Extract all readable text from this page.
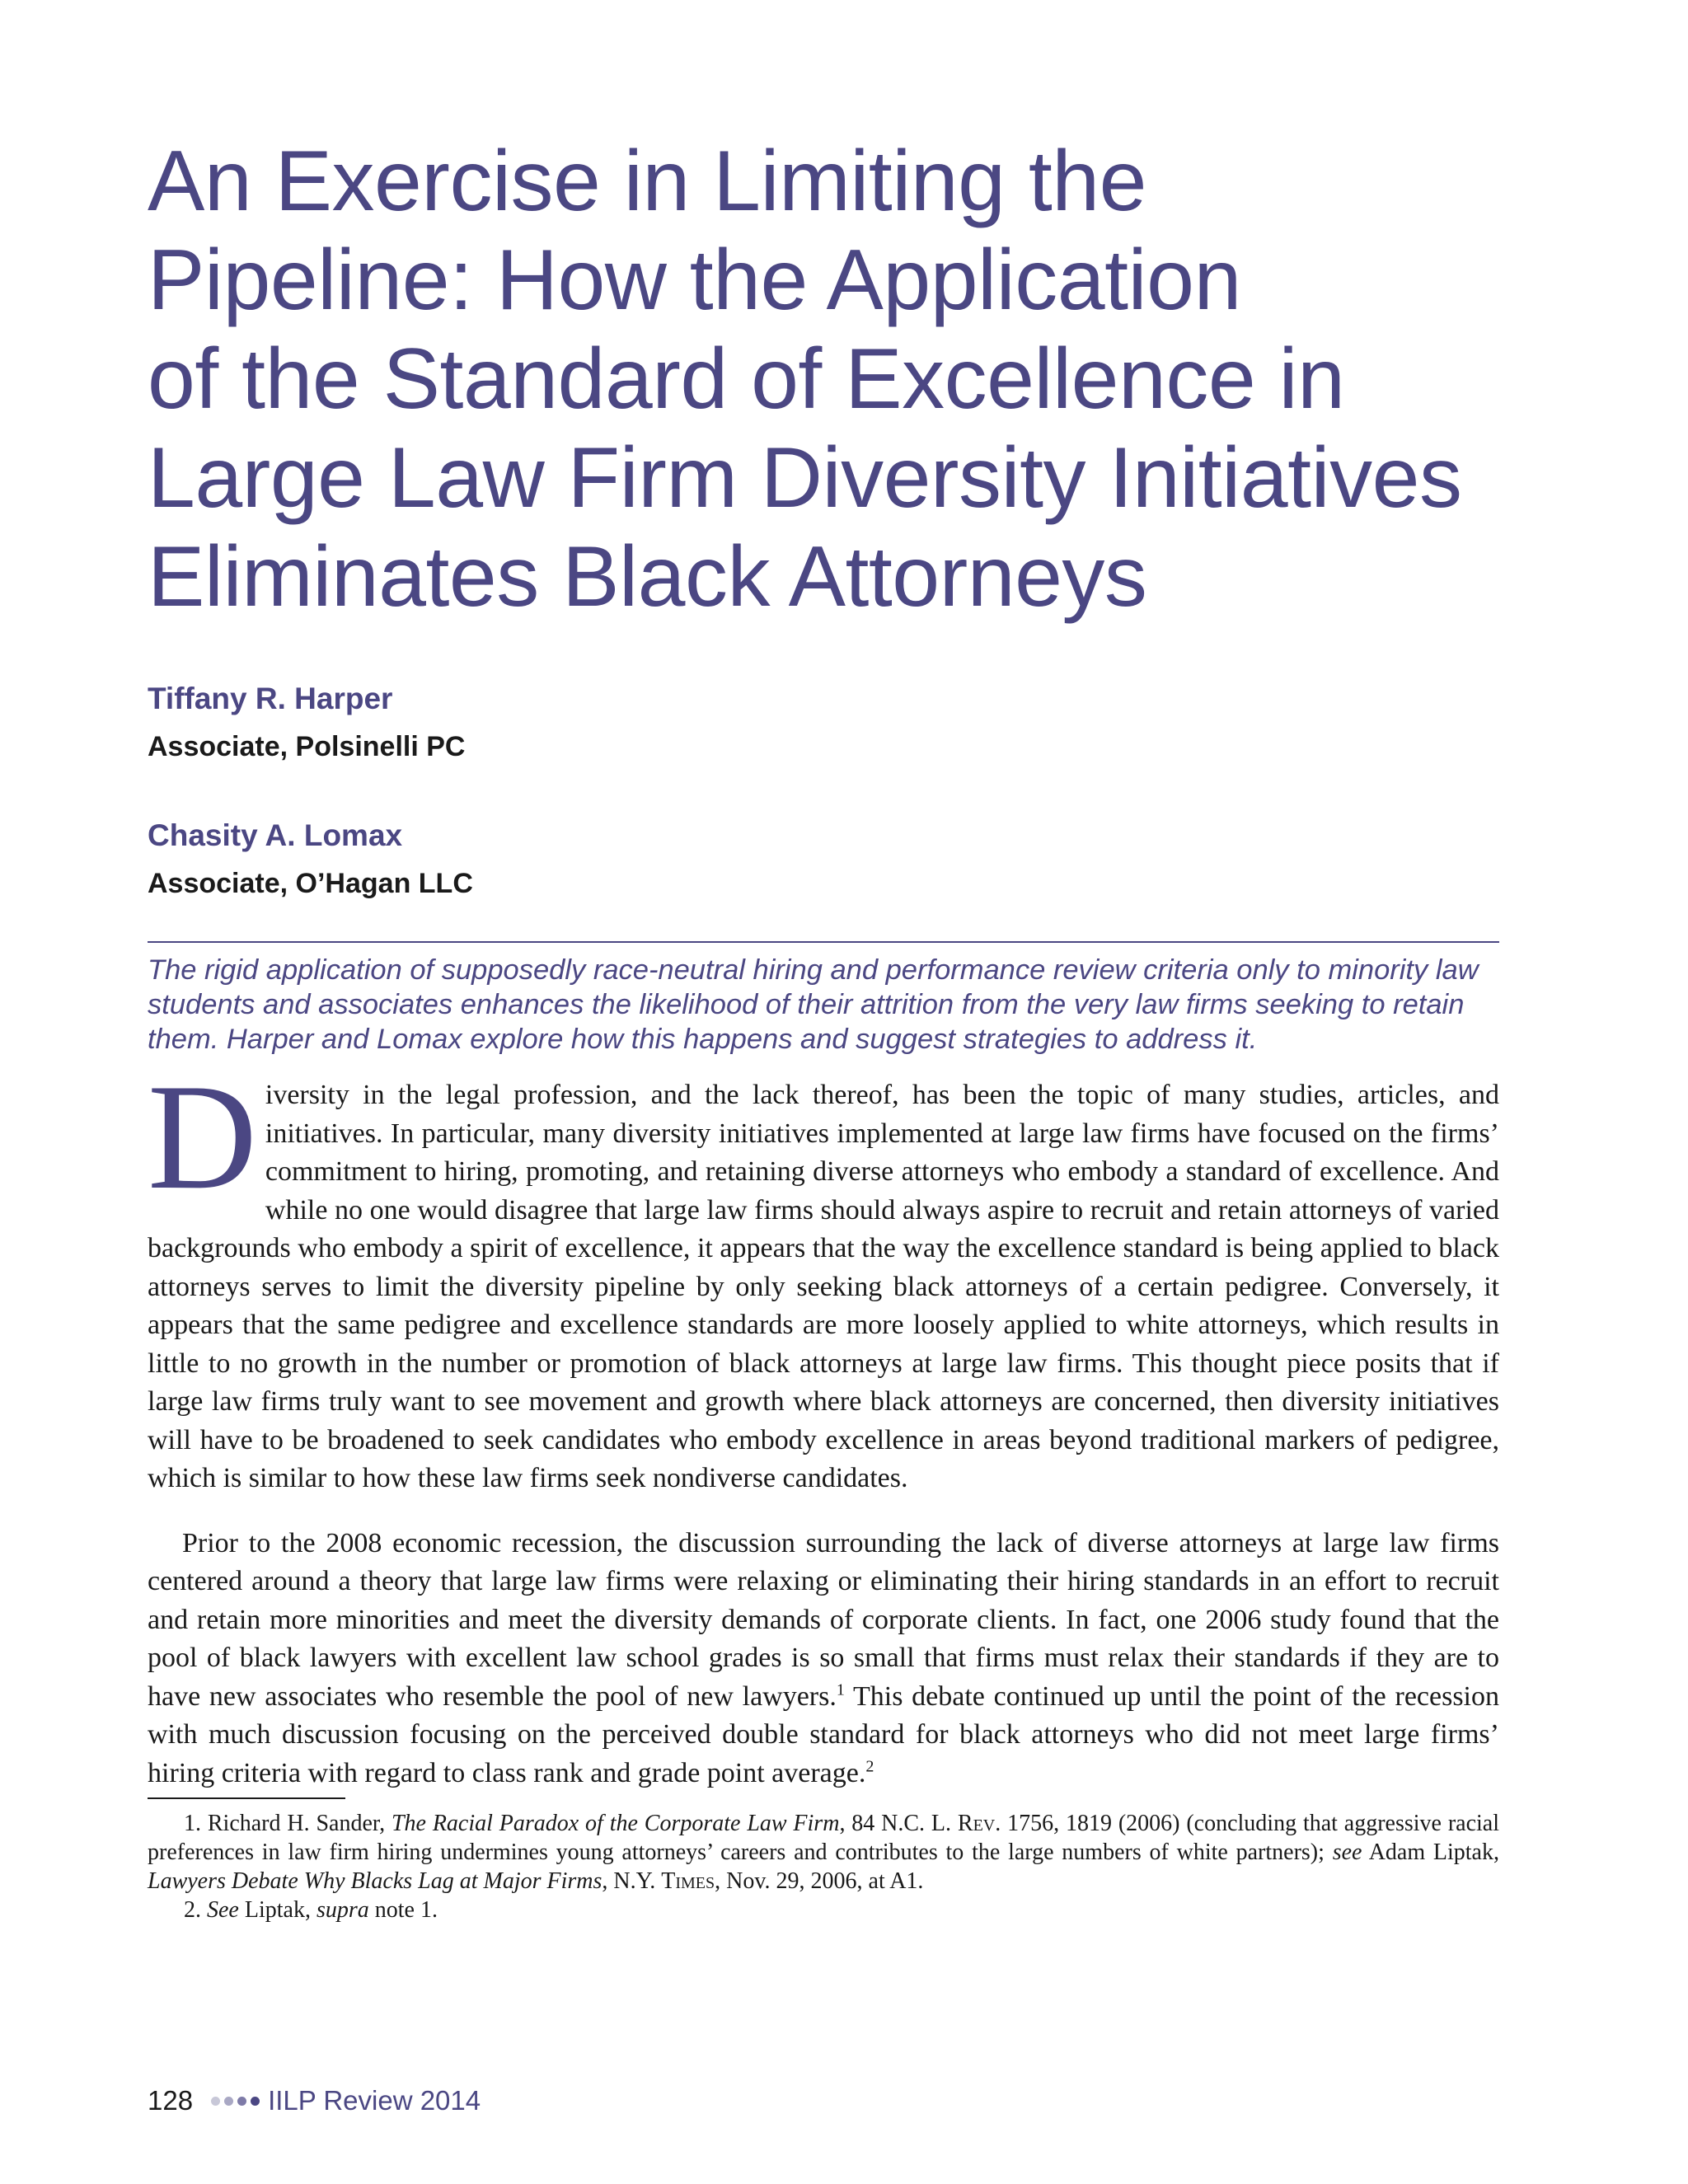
An Exercise in Limiting the
Pipeline: How the Application
of the Standard of Excellence in
Large Law Firm Diversity Initiatives
Eliminates Black Attorneys
Tiffany R. Harper
Associate, Polsinelli PC
Chasity A. Lomax
Associate, O’Hagan LLC
The rigid application of supposedly race-neutral hiring and performance review criteria only to minority law students and associates enhances the likelihood of their attrition from the very law firms seeking to retain them. Harper and Lomax explore how this happens and suggest strategies to address it.

Diversity in the legal profession, and the lack thereof, has been the topic of many studies, articles, and initiatives. In particular, many diversity initiatives implemented at large law firms have focused on the firms’ commitment to hiring, promoting, and retaining diverse attorneys who embody a standard of excellence. And while no one would disagree that large law firms should always aspire to recruit and retain attorneys of varied backgrounds who embody a spirit of excellence, it appears that the way the excellence standard is being applied to black attorneys serves to limit the diversity pipeline by only seeking black attorneys of a certain pedigree. Conversely, it appears that the same pedigree and excellence standards are more loosely applied to white attorneys, which results in little to no growth in the number or promotion of black attorneys at large law firms. This thought piece posits that if large law firms truly want to see movement and growth where black attorneys are concerned, then diversity initiatives will have to be broadened to seek candidates who embody excellence in areas beyond traditional markers of pedigree, which is similar to how these law firms seek nondiverse candidates.

Prior to the 2008 economic recession, the discussion surrounding the lack of diverse attorneys at large law firms centered around a theory that large law firms were relaxing or eliminating their hiring standards in an effort to recruit and retain more minorities and meet the diversity demands of corporate clients. In fact, one 2006 study found that the pool of black lawyers with excellent law school grades is so small that firms must relax their standards if they are to have new associates who resemble the pool of new lawyers.$^1$ This debate continued up until the point of the recession with much discussion focusing on the perceived double standard for black attorneys who did not meet large firms’ hiring criteria with regard to class rank and grade point average.$^2$

1. Richard H. Sander, The Racial Paradox of the Corporate Law Firm, 84 N.C. L. Rev. 1756, 1819 (2006) (concluding that aggressive racial preferences in law firm hiring undermines young attorneys’ careers and contributes to the large numbers of white partners); see Adam Liptak, Lawyers Debate Why Blacks Lag at Major Firms, N.Y. Times, Nov. 29, 2006, at A1.

2. See Liptak, supra note 1.

128	IILP Review 2014
